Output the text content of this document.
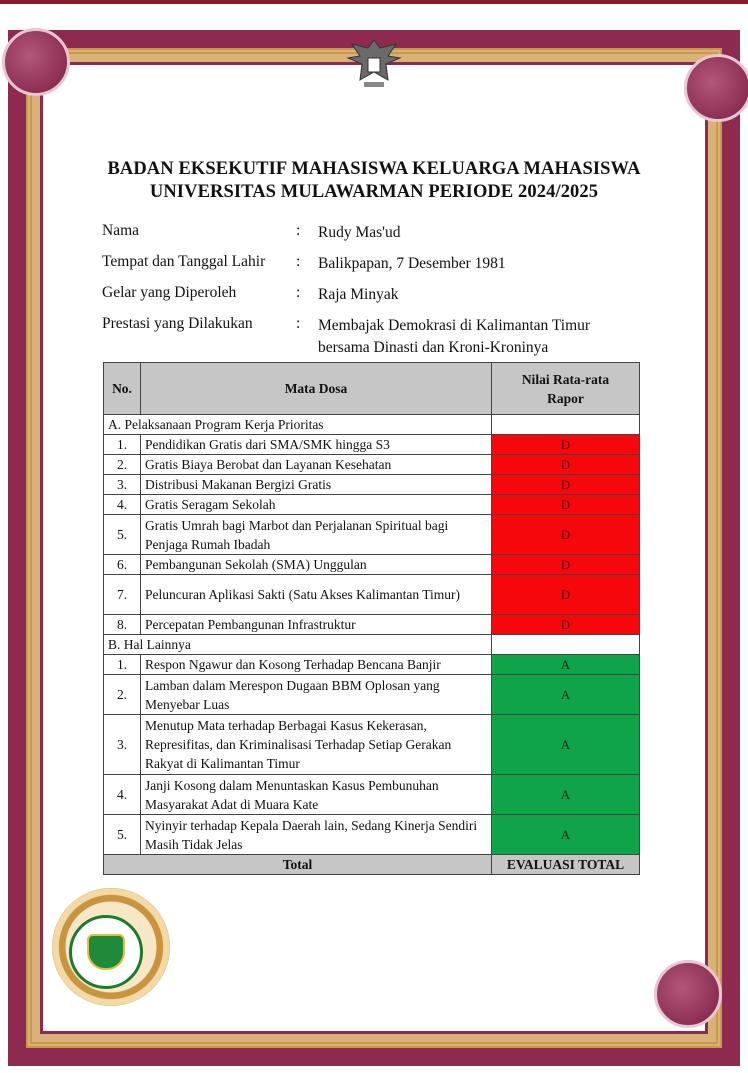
BADAN EKSEKUTIF MAHASISWA KELUARGA MAHASISWA
UNIVERSITAS MULAWARMAN PERIODE 2024/2025
Nama	: Rudy Mas'ud
Tempat dan Tanggal Lahir : Balikpapan, 7 Desember 1981
Gelar yang Diperoleh	: Raja Minyak
Prestasi yang Dilakukan	: Membajak Demokrasi di Kalimantan Timur
bersama Dinasti dan Kroni-Kroninya
No.	Mata Dosa	Nilai Rata-rata
Rapor
A. Pelaksanaan Program Kerja Prioritas		
1.	Pendidikan Gratis dari SMA/SMK hingga S3	D
2.	Gratis Biaya Berobat dan Layanan Kesehatan	D
3.	Distribusi Makanan Bergizi Gratis	D
4.	Gratis Seragam Sekolah	D
5.	Gratis Umrah bagi Marbot dan Perjalanan Spiritual bagi Penjaga Rumah Ibadah	D
6.	Pembangunan Sekolah (SMA) Unggulan	D
7.	Peluncuran Aplikasi Sakti (Satu Akses Kalimantan Timur)	D
8.	Percepatan Pembangunan Infrastruktur	D
B. Hal Lainnya		
1.	Respon Ngawur dan Kosong Terhadap Bencana Banjir	A
2.	Lamban dalam Merespon Dugaan BBM Oplosan yang Menyebar Luas	A
3.	Menutup Mata terhadap Berbagai Kasus Kekerasan, Represifitas, dan Kriminalisasi Terhadap Setiap Gerakan Rakyat di Kalimantan Timur	A
4.	Janji Kosong dalam Menuntaskan Kasus Pembunuhan Masyarakat Adat di Muara Kate	A
5.	Nyinyir terhadap Kepala Daerah lain, Sedang Kinerja Sendiri Masih Tidak Jelas	A
Total		EVALUASI TOTAL
